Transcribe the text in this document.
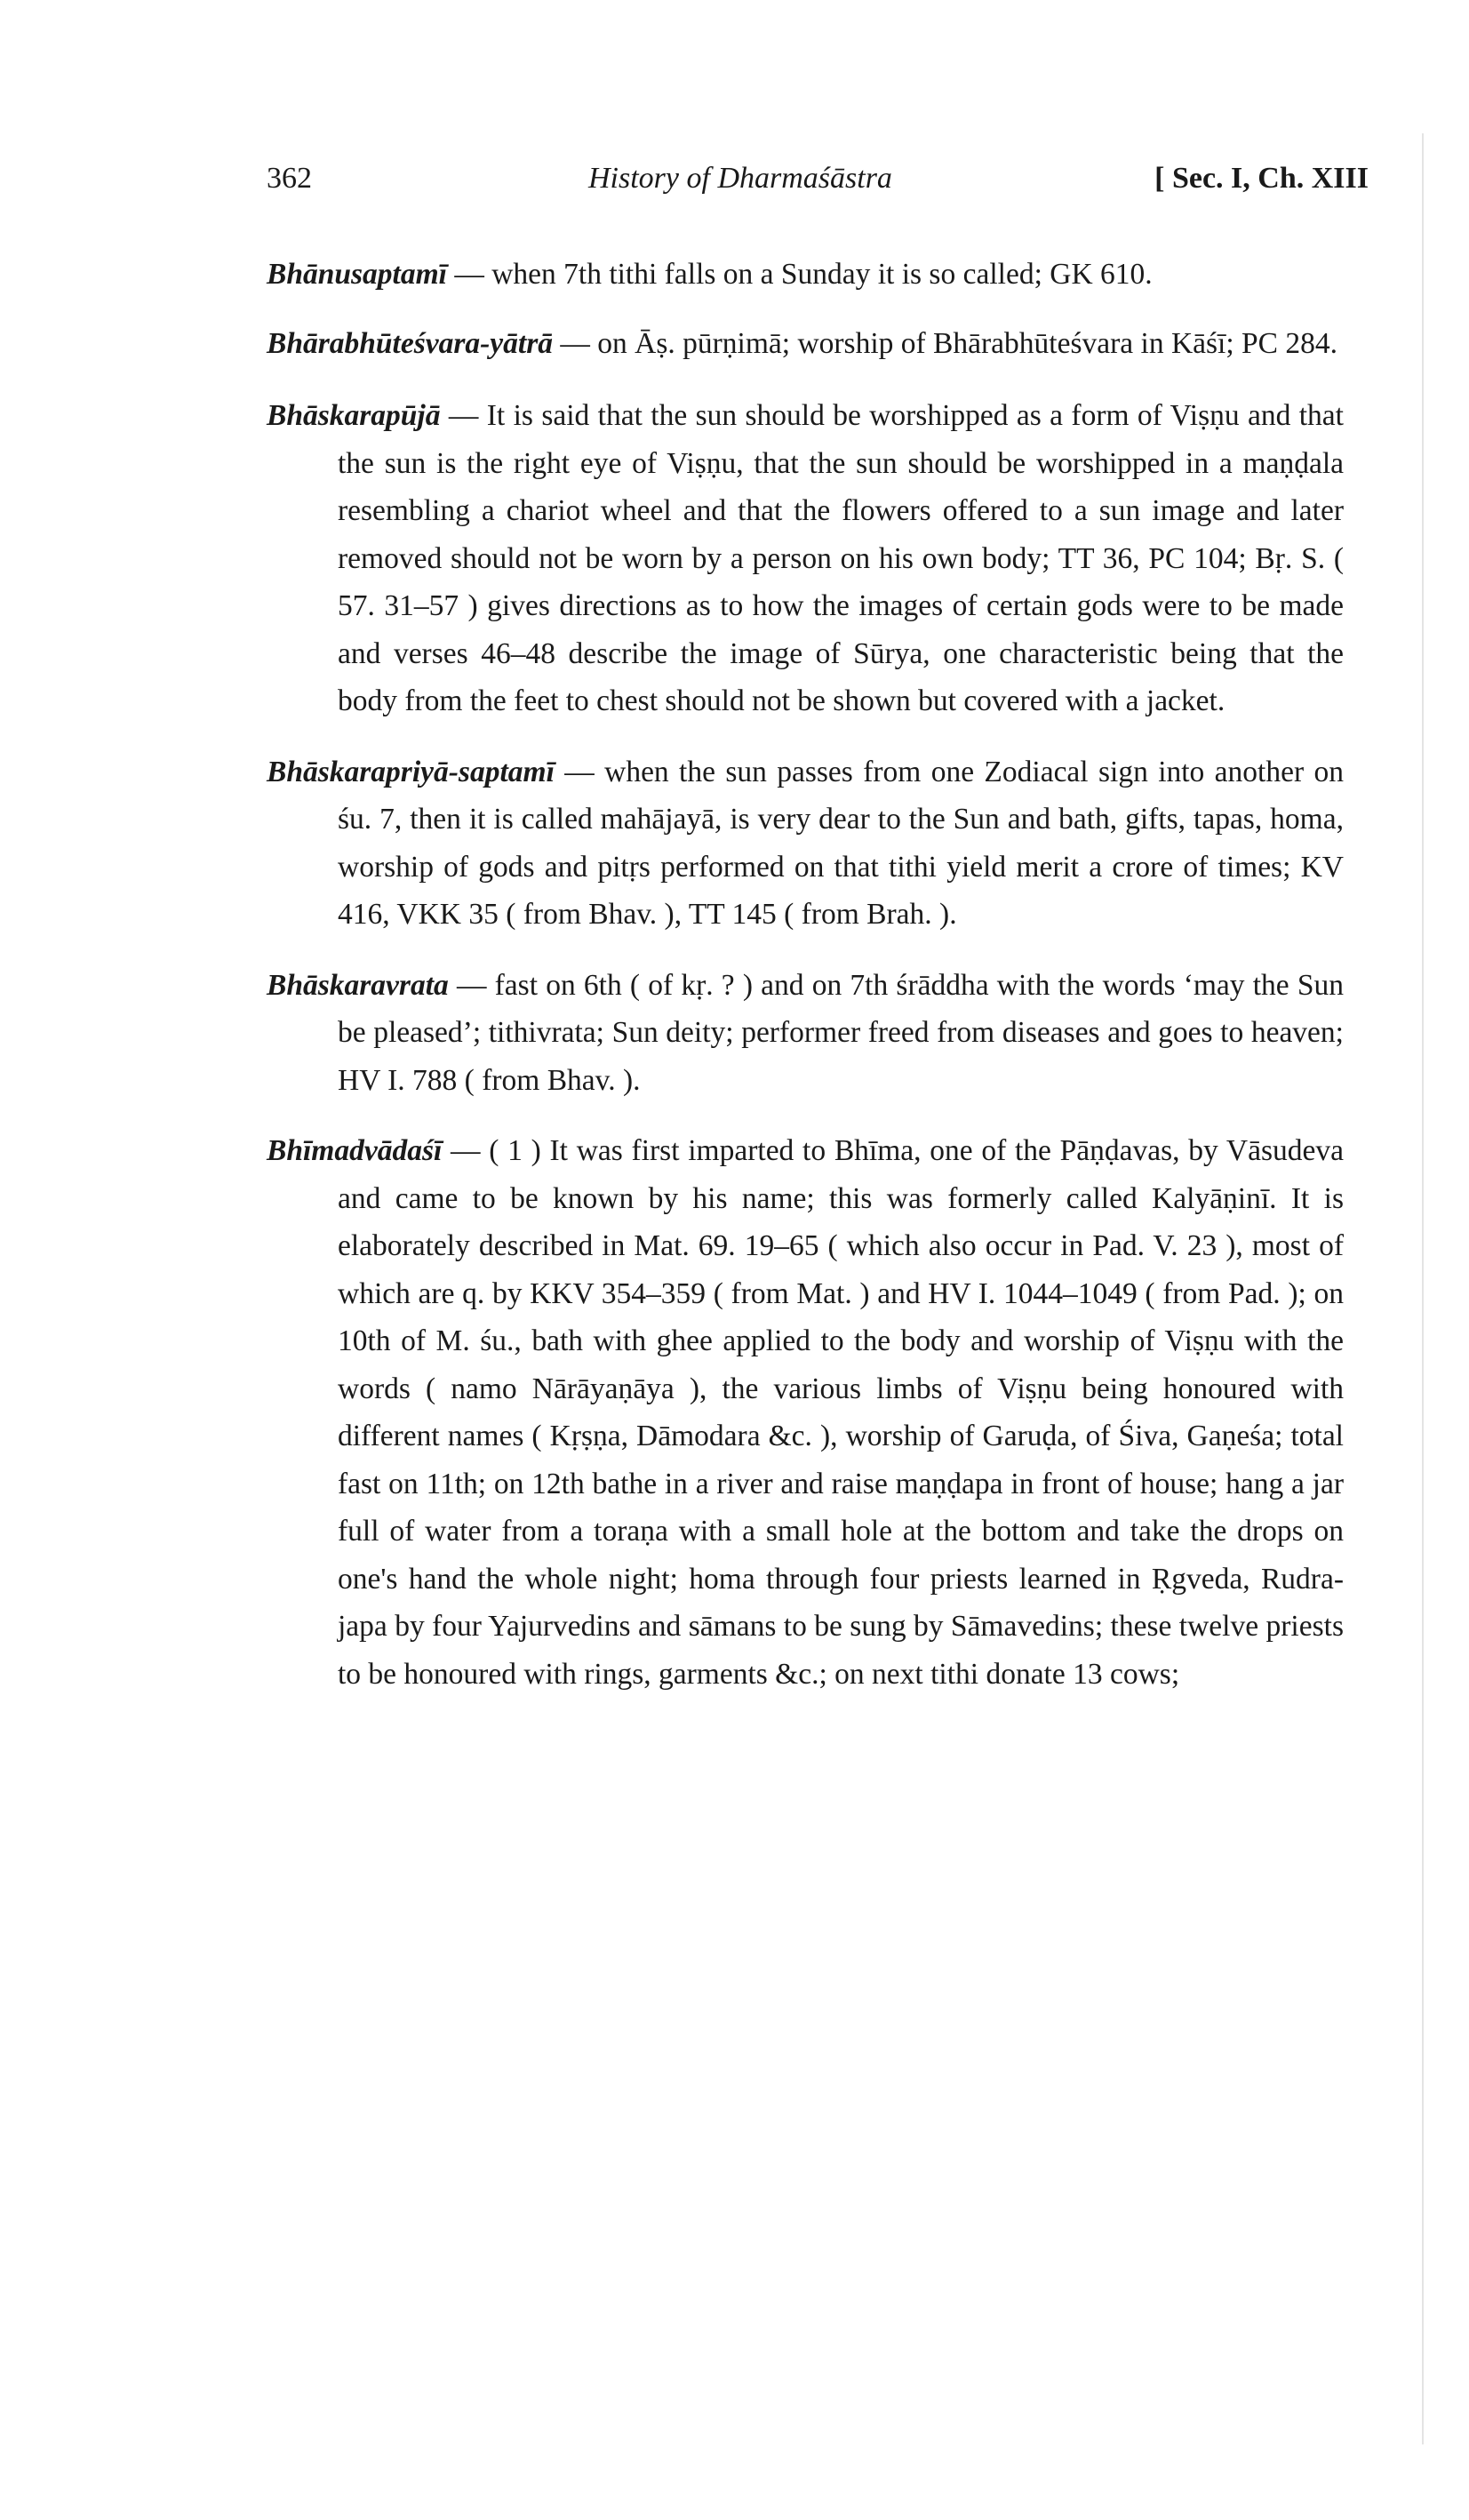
362	History of Dharmaśāstra	[ Sec. I, Ch. XIII

Bhānusaptamī — when 7th tithi falls on a Sunday it is so called; GK 610.

Bhārabhūteśvara-yātrā — on Āṣ. pūrṇimā; worship of Bhārabhūteśvara in Kāśī; PC 284.

Bhāskarapūjā — It is said that the sun should be worshipped as a form of Viṣṇu and that the sun is the right eye of Viṣṇu, that the sun should be worshipped in a maṇḍala resembling a chariot wheel and that the flowers offered to a sun image and later removed should not be worn by a person on his own body; TT 36, PC 104; Bṛ. S. ( 57. 31–57 ) gives directions as to how the images of certain gods were to be made and verses 46–48 describe the image of Sūrya, one characteristic being that the body from the feet to chest should not be shown but covered with a jacket.

Bhāskarapriyā-saptamī — when the sun passes from one Zodiacal sign into another on śu. 7, then it is called mahājayā, is very dear to the Sun and bath, gifts, tapas, homa, worship of gods and pitṛs performed on that tithi yield merit a crore of times; KV 416, VKK 35 ( from Bhav. ), TT 145 ( from Brah. ).

Bhāskaravrata — fast on 6th ( of kṛ. ? ) and on 7th śrāddha with the words ‘may the Sun be pleased’; tithivrata; Sun deity; performer freed from diseases and goes to heaven; HV I. 788 ( from Bhav. ).

Bhīmadvādaśī — ( 1 ) It was first imparted to Bhīma, one of the Pāṇḍavas, by Vāsudeva and came to be known by his name; this was formerly called Kalyāṇinī. It is elaborately described in Mat. 69. 19–65 ( which also occur in Pad. V. 23 ), most of which are q. by KKV 354–359 ( from Mat. ) and HV I. 1044–1049 ( from Pad. ); on 10th of M. śu., bath with ghee applied to the body and worship of Viṣṇu with the words ( namo Nārāyaṇāya ), the various limbs of Viṣṇu being honoured with different names ( Kṛṣṇa, Dāmodara &c. ), worship of Garuḍa, of Śiva, Gaṇeśa; total fast on 11th; on 12th bathe in a river and raise maṇḍapa in front of house; hang a jar full of water from a toraṇa with a small hole at the bottom and take the drops on one's hand the whole night; homa through four priests learned in Ṛgveda, Rudra-japa by four Yajurvedins and sāmans to be sung by Sāmavedins; these twelve priests to be honoured with rings, garments &c.; on next tithi donate 13 cows;
